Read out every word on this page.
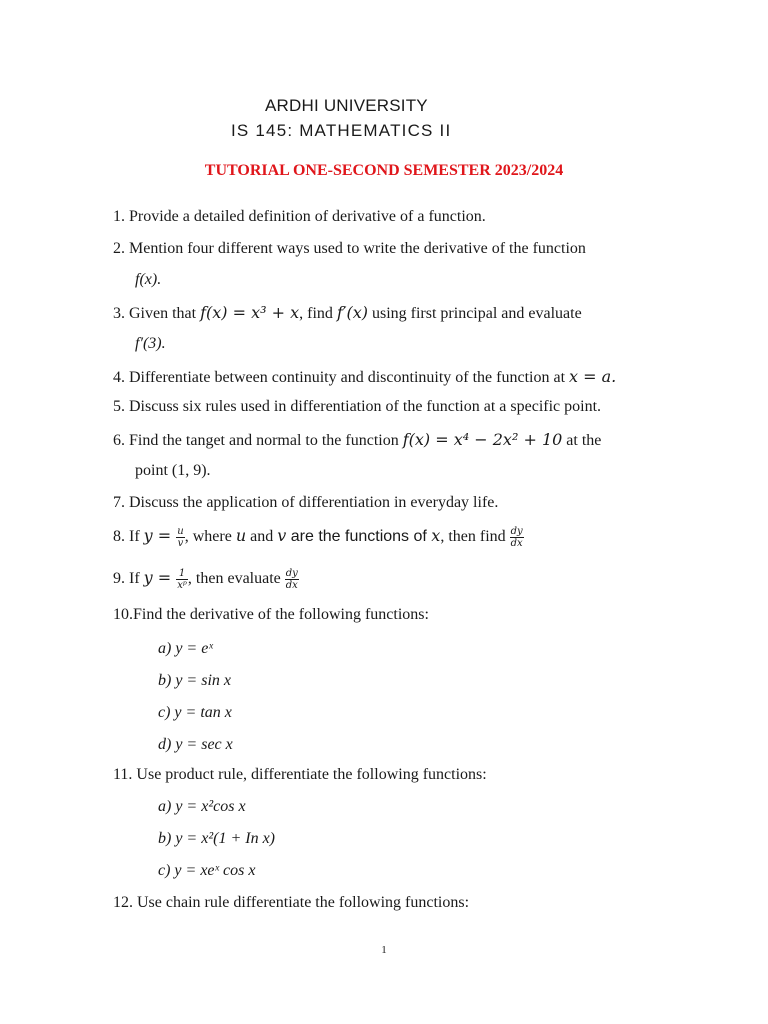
ARDHI UNIVERSITY
IS 145: MATHEMATICS II
TUTORIAL ONE-SECOND SEMESTER 2023/2024
1. Provide a detailed definition of derivative of a function.
2. Mention four different ways used to write the derivative of the function
f(x).
3. Given that f(x) = x³ + x, find f′(x) using first principal and evaluate
f′(3).
4. Differentiate between continuity and discontinuity of the function at x = a.
5. Discuss six rules used in differentiation of the function at a specific point.
6. Find the tanget and normal to the function f(x) = x⁴ − 2x² + 10 at the
point (1, 9).
7. Discuss the application of differentiation in everyday life.
8. If $y = \frac{u}{v}$ , where u and v are the functions of x, then find $\frac{dy}{dx}$
9. If $y = \frac{1}{\text{xᵖ}}$ , then evaluate $\frac{dy}{dx}$
10.Find the derivative of the following functions:
a) y = eˣ
b) y = sin x
c) y = tan x
d) y = sec x
11. Use product rule, differentiate the following functions:
a) y = x²cos x
b) y = x²(1 + In x)
c) y = xeˣ cos x
12. Use chain rule differentiate the following functions:
1
